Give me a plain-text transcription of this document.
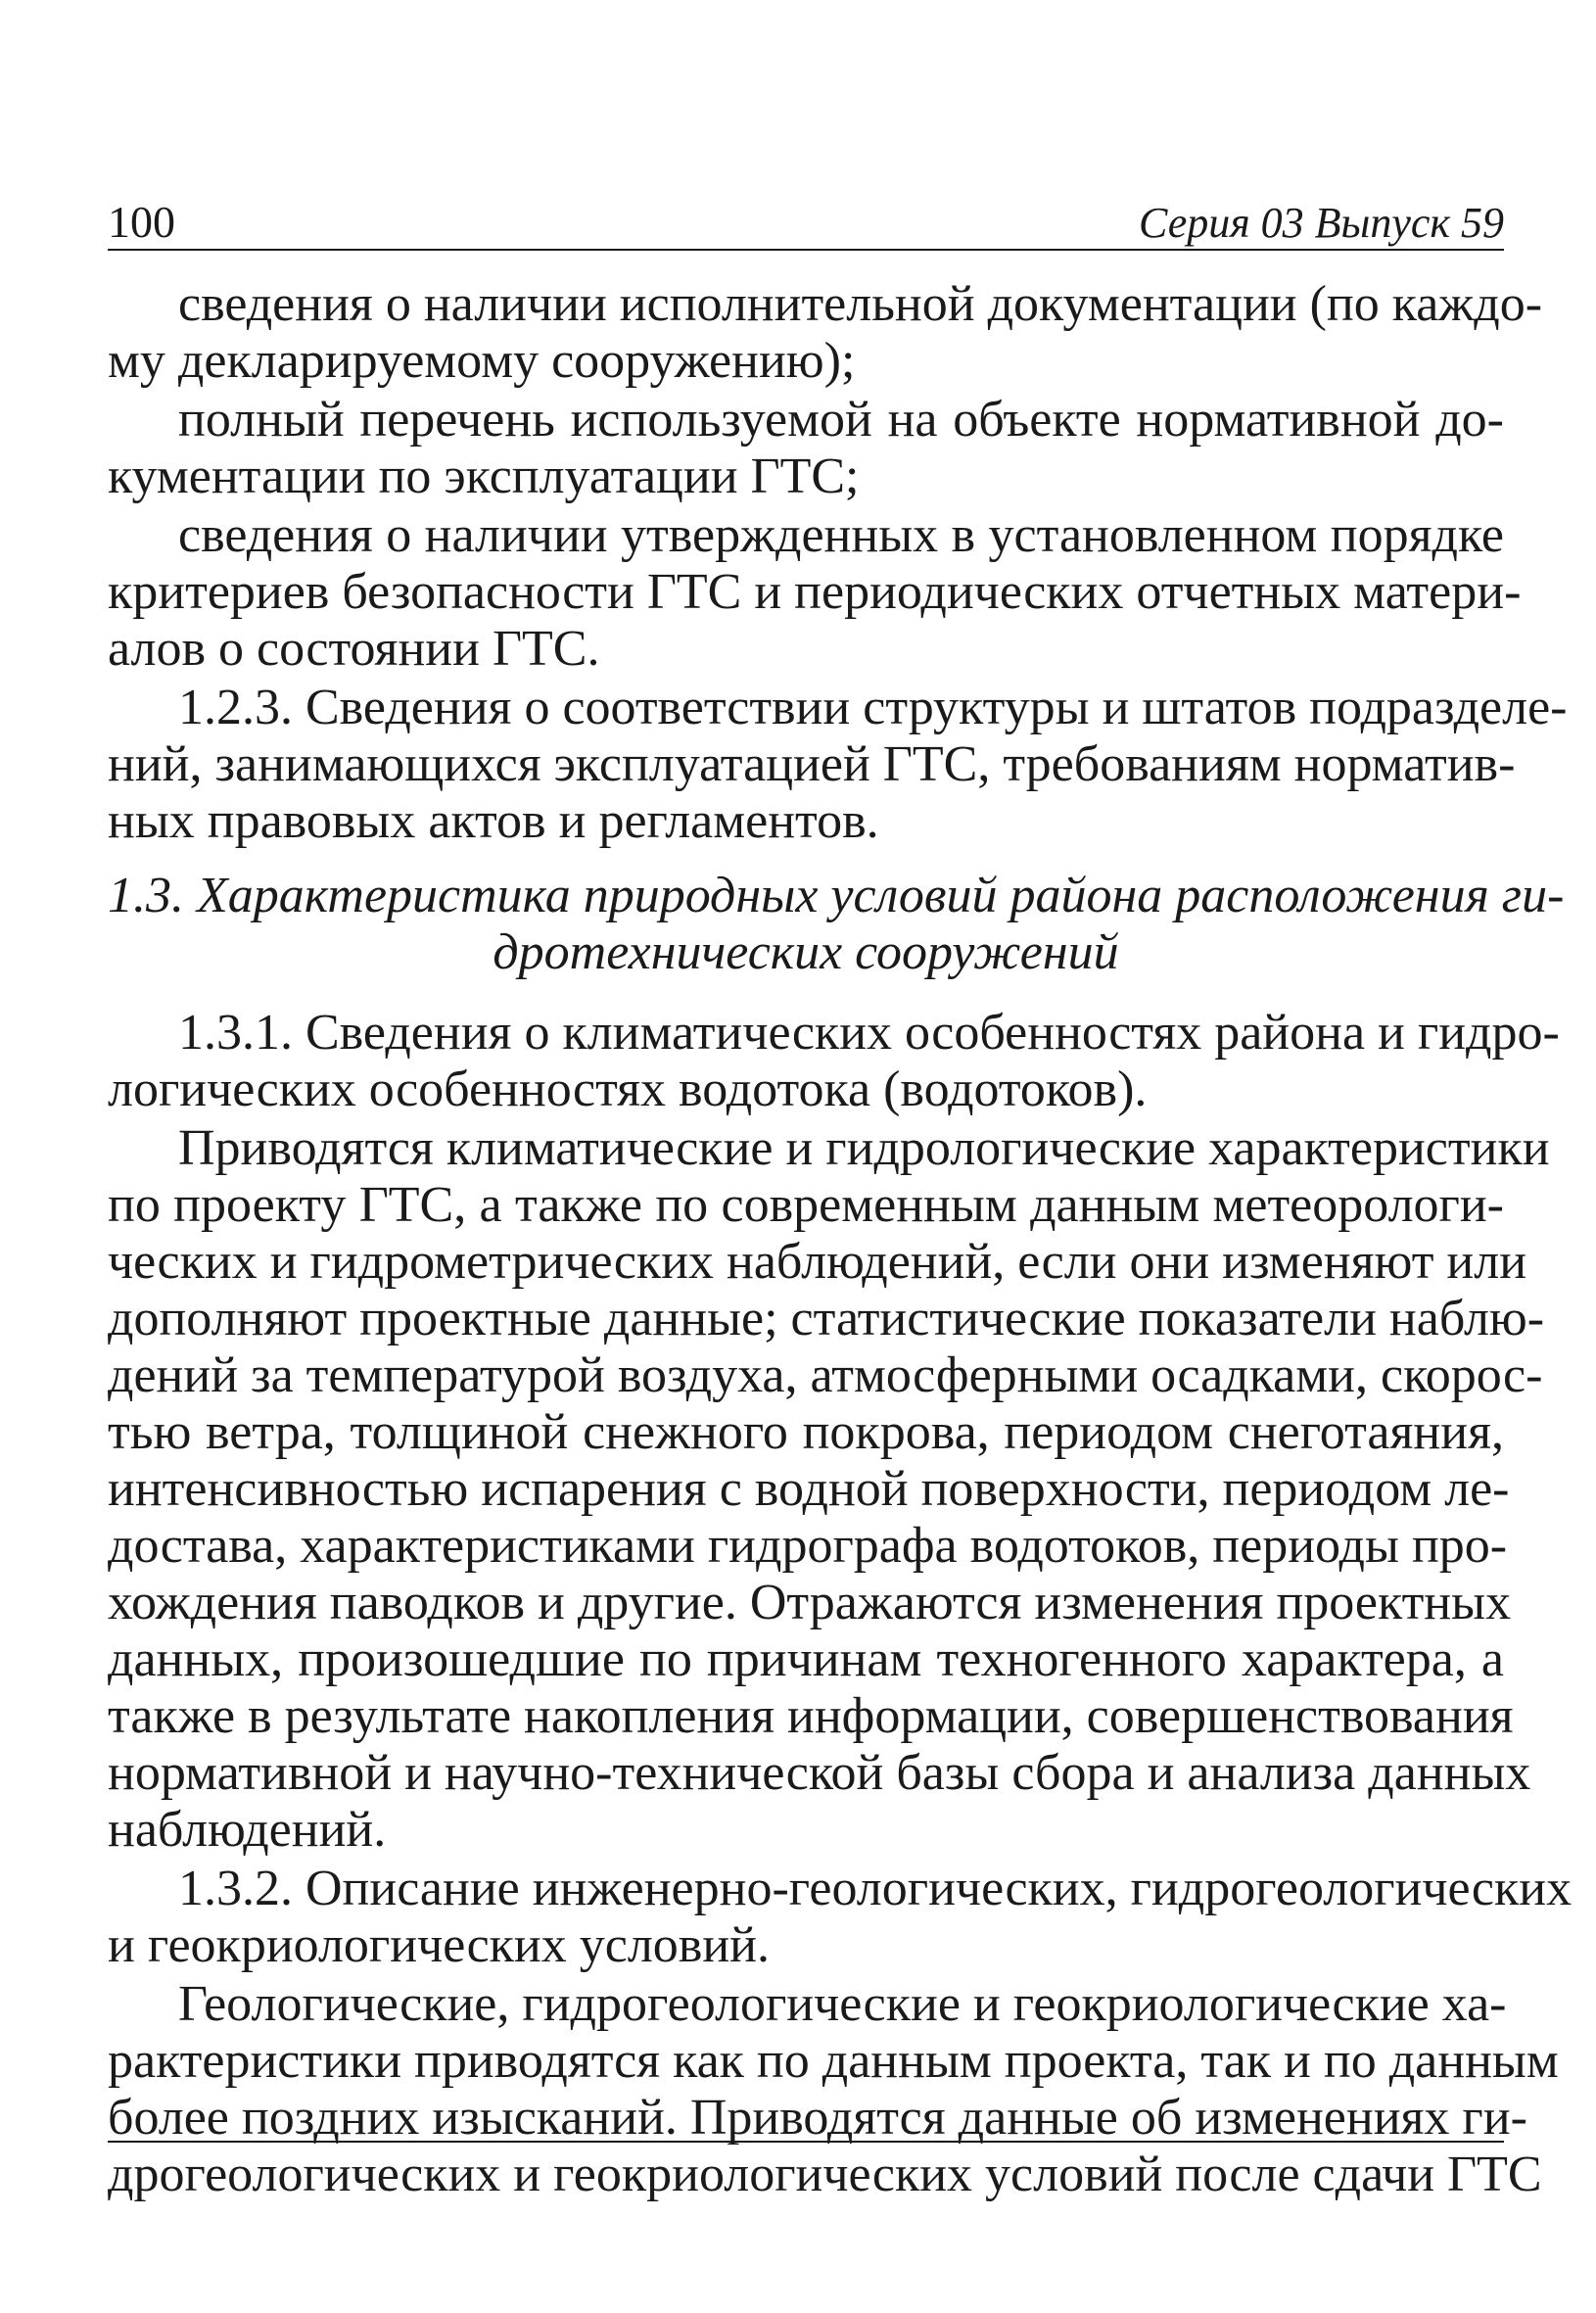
100	Серия 03 Выпуск 59

сведения о наличии исполнительной документации (по каждо-
му декларируемому сооружению);

полный перечень используемой на объекте нормативной до-
кументации по эксплуатации ГТС;

сведения о наличии утвержденных в установленном порядке
критериев безопасности ГТС и периодических отчетных матери-
алов о состоянии ГТС.

1.2.3. Сведения о соответствии структуры и штатов подразделе-
ний, занимающихся эксплуатацией ГТС, требованиям норматив-
ных правовых актов и регламентов.

1.3. Характеристика природных условий района расположения ги-
дротехнических сооружений

1.3.1. Сведения о климатических особенностях района и гидро-
логических особенностях водотока (водотоков).

Приводятся климатические и гидрологические характеристики
по проекту ГТС, а также по современным данным метеорологи-
ческих и гидрометрических наблюдений, если они изменяют или
дополняют проектные данные; статистические показатели наблю-
дений за температурой воздуха, атмосферными осадками, скорос-
тью ветра, толщиной снежного покрова, периодом снеготаяния,
интенсивностью испарения с водной поверхности, периодом ле-
достава, характеристиками гидрографа водотоков, периоды про-
хождения паводков и другие. Отражаются изменения проектных
данных, произошедшие по причинам техногенного характера, а
также в результате накопления информации, совершенствования
нормативной и научно-технической базы сбора и анализа данных
наблюдений.

1.3.2. Описание инженерно-геологических, гидрогеологических
и геокриологических условий.

Геологические, гидрогеологические и геокриологические ха-
рактеристики приводятся как по данным проекта, так и по данным
более поздних изысканий. Приводятся данные об изменениях ги-
дрогеологических и геокриологических условий после сдачи ГТС
